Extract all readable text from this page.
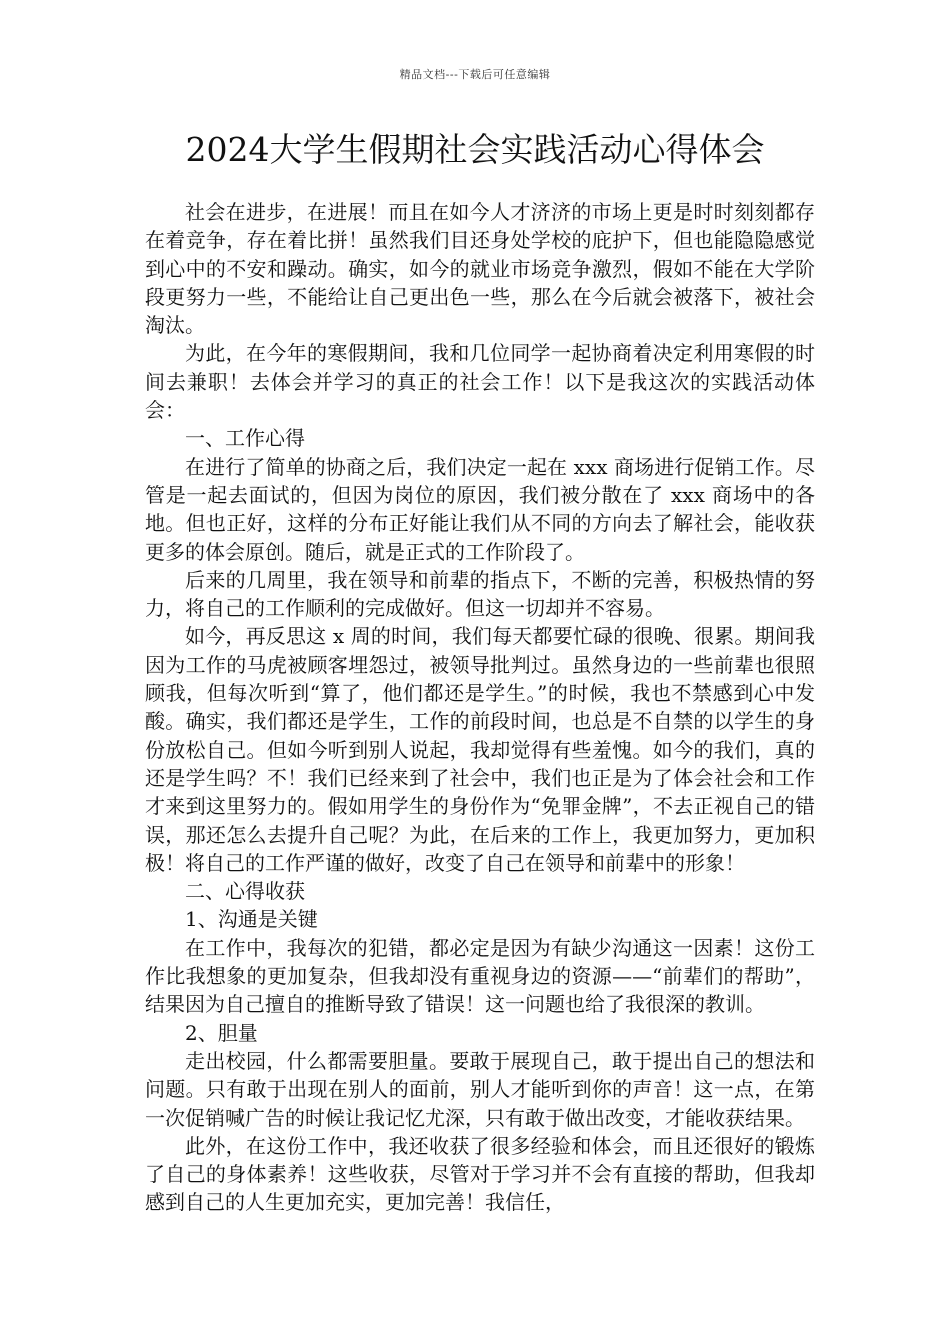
精品文档---下载后可任意编辑
2024大学生假期社会实践活动心得体会

社会在进步，在进展！而且在如今人才济济的市场上更是时时刻刻都存在着竞争，存在着比拼！虽然我们目还身处学校的庇护下，但也能隐隐感觉到心中的不安和躁动。确实，如今的就业市场竞争激烈，假如不能在大学阶段更努力一些，不能给让自己更出色一些，那么在今后就会被落下，被社会淘汰。

为此，在今年的寒假期间，我和几位同学一起协商着决定利用寒假的时间去兼职！去体会并学习的真正的社会工作！以下是我这次的实践活动体会：

一、工作心得

在进行了简单的协商之后，我们决定一起在 xxx 商场进行促销工作。尽管是一起去面试的，但因为岗位的原因，我们被分散在了 xxx 商场中的各地。但也正好，这样的分布正好能让我们从不同的方向去了解社会，能收获更多的体会原创。随后，就是正式的工作阶段了。

后来的几周里，我在领导和前辈的指点下，不断的完善，积极热情的努力，将自己的工作顺利的完成做好。但这一切却并不容易。

如今，再反思这 x 周的时间，我们每天都要忙碌的很晚、很累。期间我因为工作的马虎被顾客埋怨过，被领导批判过。虽然身边的一些前辈也很照顾我，但每次听到“算了，他们都还是学生。”的时候，我也不禁感到心中发酸。确实，我们都还是学生，工作的前段时间，也总是不自禁的以学生的身份放松自己。但如今听到别人说起，我却觉得有些羞愧。如今的我们，真的还是学生吗？不！我们已经来到了社会中，我们也正是为了体会社会和工作才来到这里努力的。假如用学生的身份作为“免罪金牌”，不去正视自己的错误，那还怎么去提升自己呢？为此，在后来的工作上，我更加努力，更加积极！将自己的工作严谨的做好，改变了自己在领导和前辈中的形象！

二、心得收获

1、沟通是关键

在工作中，我每次的犯错，都必定是因为有缺少沟通这一因素！这份工作比我想象的更加复杂，但我却没有重视身边的资源——“前辈们的帮助”，结果因为自己擅自的推断导致了错误！这一问题也给了我很深的教训。

2、胆量

走出校园，什么都需要胆量。要敢于展现自己，敢于提出自己的想法和问题。只有敢于出现在别人的面前，别人才能听到你的声音！这一点，在第一次促销喊广告的时候让我记忆尤深，只有敢于做出改变，才能收获结果。

此外，在这份工作中，我还收获了很多经验和体会，而且还很好的锻炼了自己的身体素养！这些收获，尽管对于学习并不会有直接的帮助，但我却感到自己的人生更加充实，更加完善！我信任，
